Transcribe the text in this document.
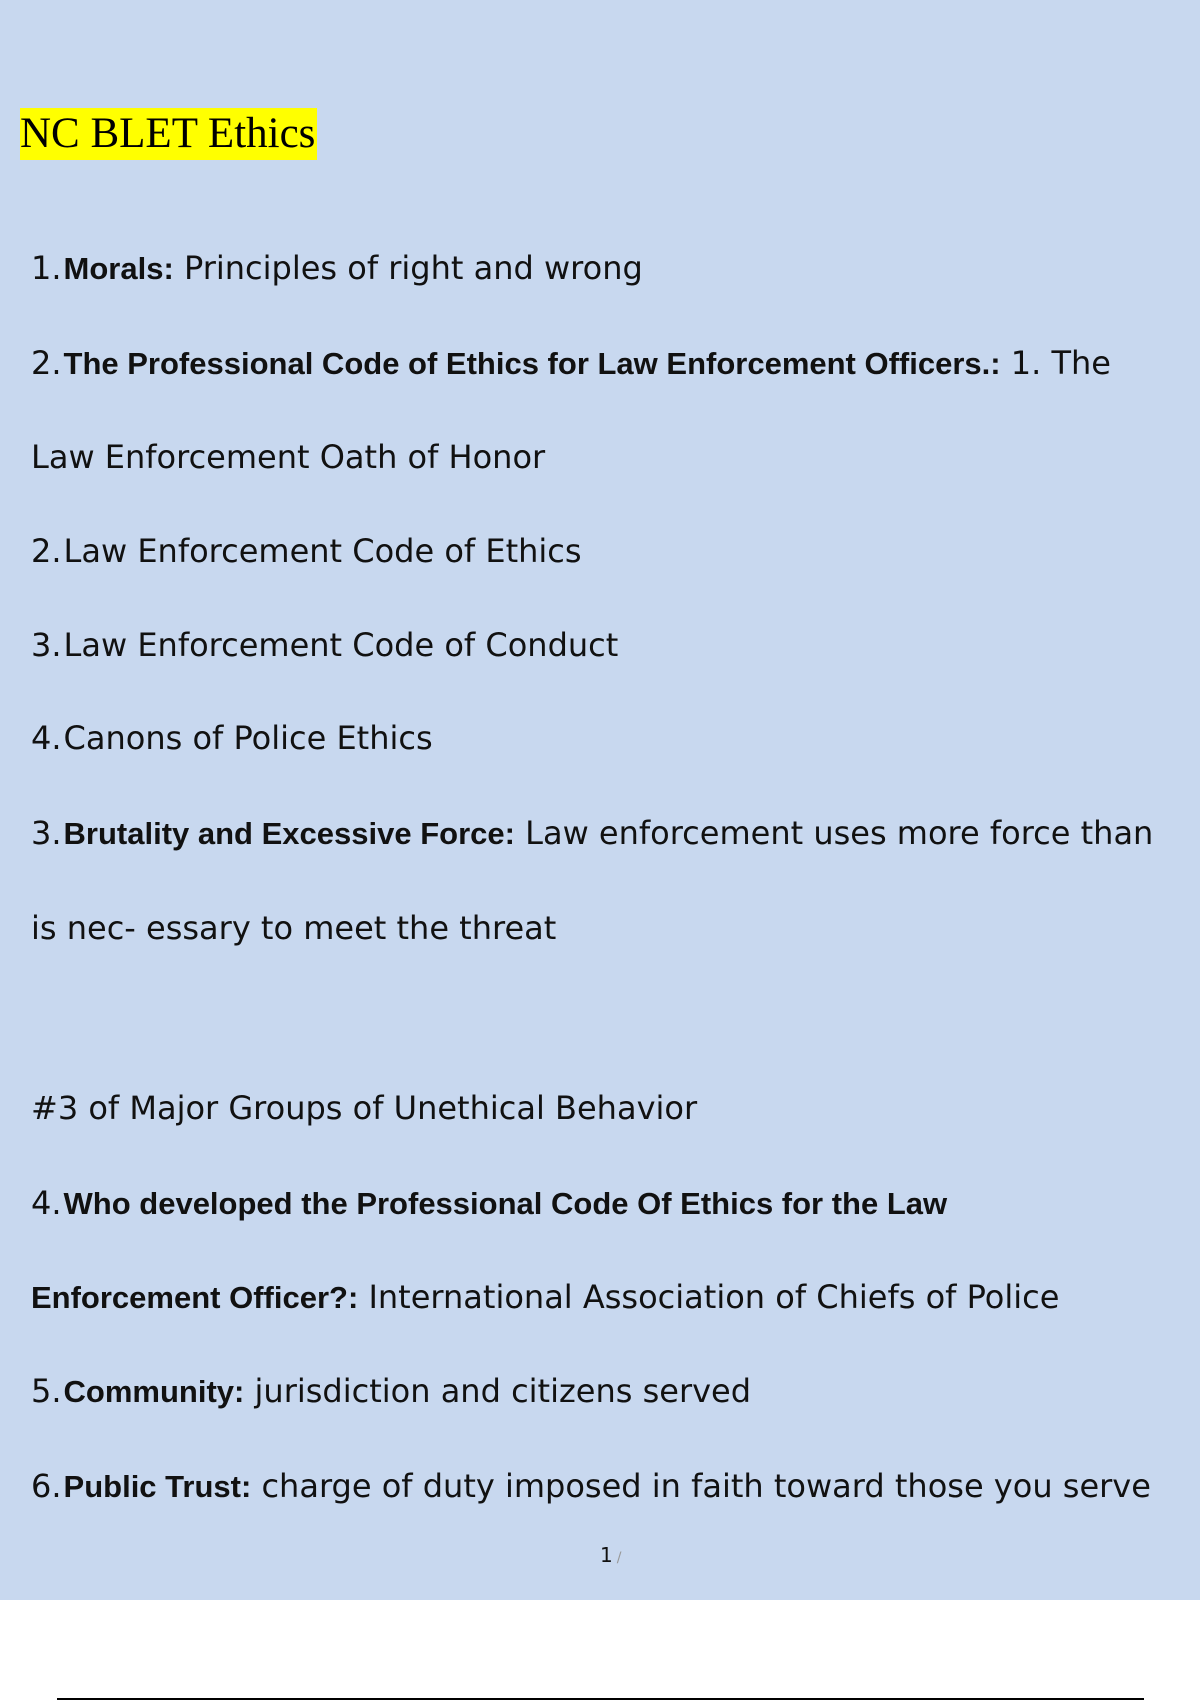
NC BLET Ethics
1.Morals: Principles of right and wrong
2.The Professional Code of Ethics for Law Enforcement Officers.: 1. The
Law Enforcement Oath of Honor
2.Law Enforcement Code of Ethics
3.Law Enforcement Code of Conduct
4.Canons of Police Ethics
3.Brutality and Excessive Force: Law enforcement uses more force than
is nec- essary to meet the threat
#3 of Major Groups of Unethical Behavior
4.Who developed the Professional Code Of Ethics for the Law
Enforcement Officer?: International Association of Chiefs of Police
5.Community: jurisdiction and citizens served
6.Public Trust: charge of duty imposed in faith toward those you serve
1 /
